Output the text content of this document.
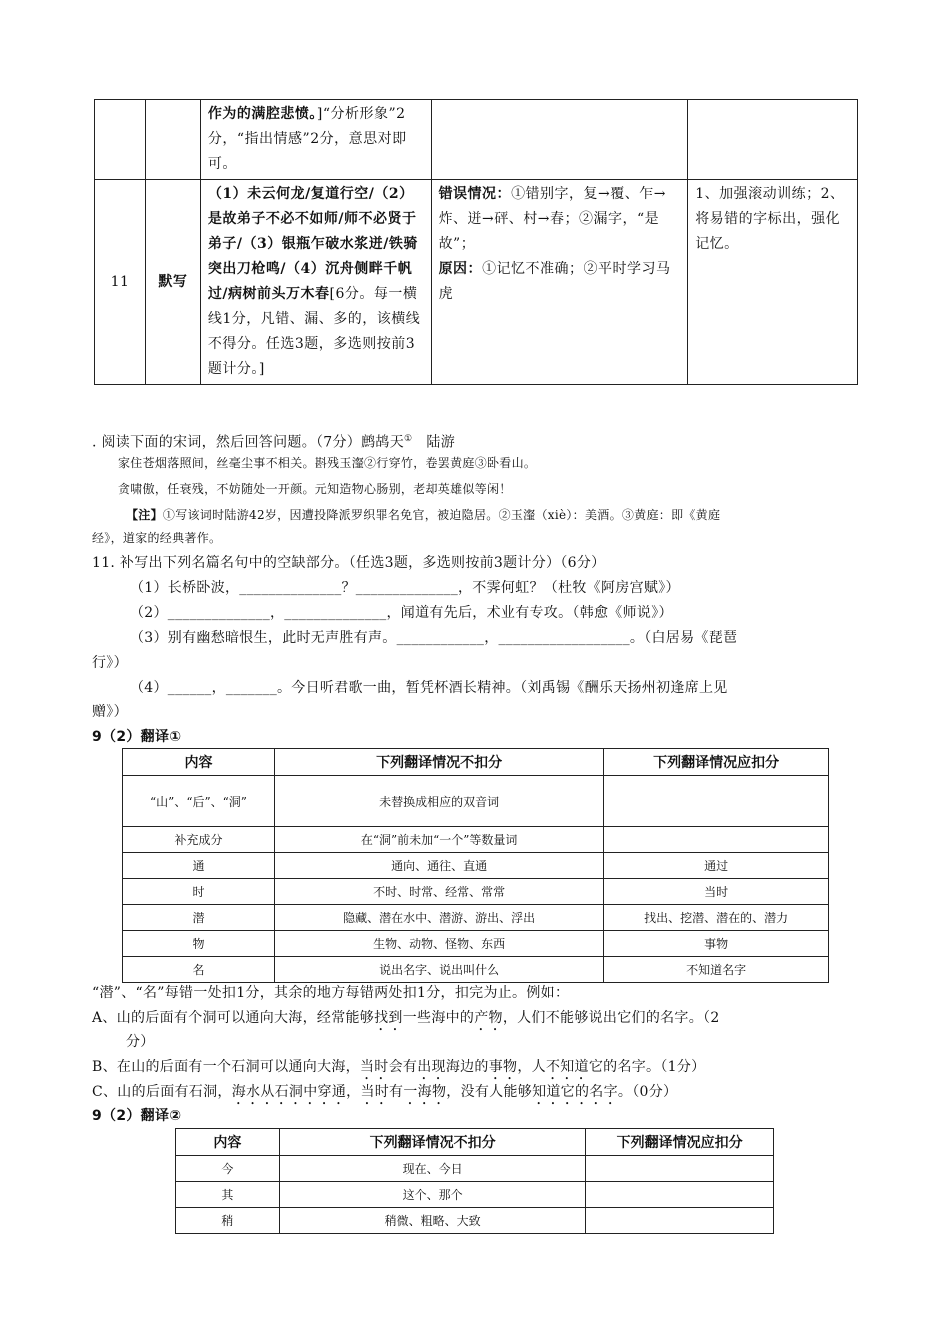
		作为的满腔悲愤。]“分析形象”2分，“指出情感”2分，意思对即可。		
11	默写	（1）未云何龙/复道行空/（2）是故弟子不必不如师/师不必贤于弟子/（3）银瓶乍破水浆迸/铁骑突出刀枪鸣/（4）沉舟侧畔千帆过/病树前头万木春[6分。每一横线1分，凡错、漏、多的，该横线不得分。任选3题，多选则按前3题计分。]	错误情况：①错别字，复→覆、乍→炸、迸→砰、村→春；②漏字，“是故”；
原因：①记忆不准确；②平时学习马虎	1、加强滚动训练；2、将易错的字标出，强化记忆。
. 阅读下面的宋词，然后回答问题。（7分）鹧鸪天① 陆游
家住苍烟落照间，丝毫尘事不相关。斟残玉瀣②行穿竹，卷罢黄庭③卧看山。
贪啸傲，任衰残，不妨随处一开颜。元知造物心肠别，老却英雄似等闲！
【注】①写该词时陆游42岁，因遭投降派罗织罪名免官，被迫隐居。②玉瀣（xiè）：美酒。③黄庭：即《黄庭
经》，道家的经典著作。
11. 补写出下列名篇名句中的空缺部分。（任选3题，多选则按前3题计分）（6分）
（1）长桥卧波，______________？______________，不霁何虹？（杜牧《阿房宫赋》）
（2）______________，______________，闻道有先后，术业有专攻。（韩愈《师说》）
（3）别有幽愁暗恨生，此时无声胜有声。____________，__________________。（白居易《琵琶
行》）
（4）______，_______。今日听君歌一曲，暂凭杯酒长精神。（刘禹锡《酬乐天扬州初逢席上见
赠》）
9（2）翻译①
内容	下列翻译情况不扣分	下列翻译情况应扣分
“山”、“后”、“洞”	未替换成相应的双音词	
补充成分	在“洞”前未加“一个”等数量词	
通	通向、通往、直通	通过
时	不时、时常、经常、常常	当时
潜	隐藏、潜在水中、潜游、游出、浮出	找出、挖潜、潜在的、潜力
物	生物、动物、怪物、东西	事物
名	说出名字、说出叫什么	不知道名字
“潜”、“名”每错一处扣1分，其余的地方每错两处扣1分，扣完为止。例如：
A、山的后面有个洞可以通向大海，经常能够找到一些海中的产物，人们不能够说出它们的名字。（2
分）
B、在山的后面有一个石洞可以通向大海，当时会有出现海边的事物，人不知道它的名字。（1分）
C、山的后面有石洞，海水从石洞中穿通，当时有一海物，没有人能够知道它的名字。（0分）
9（2）翻译②
内容	下列翻译情况不扣分	下列翻译情况应扣分
今	现在、今日	
其	这个、那个	
稍	稍微、粗略、大致	
